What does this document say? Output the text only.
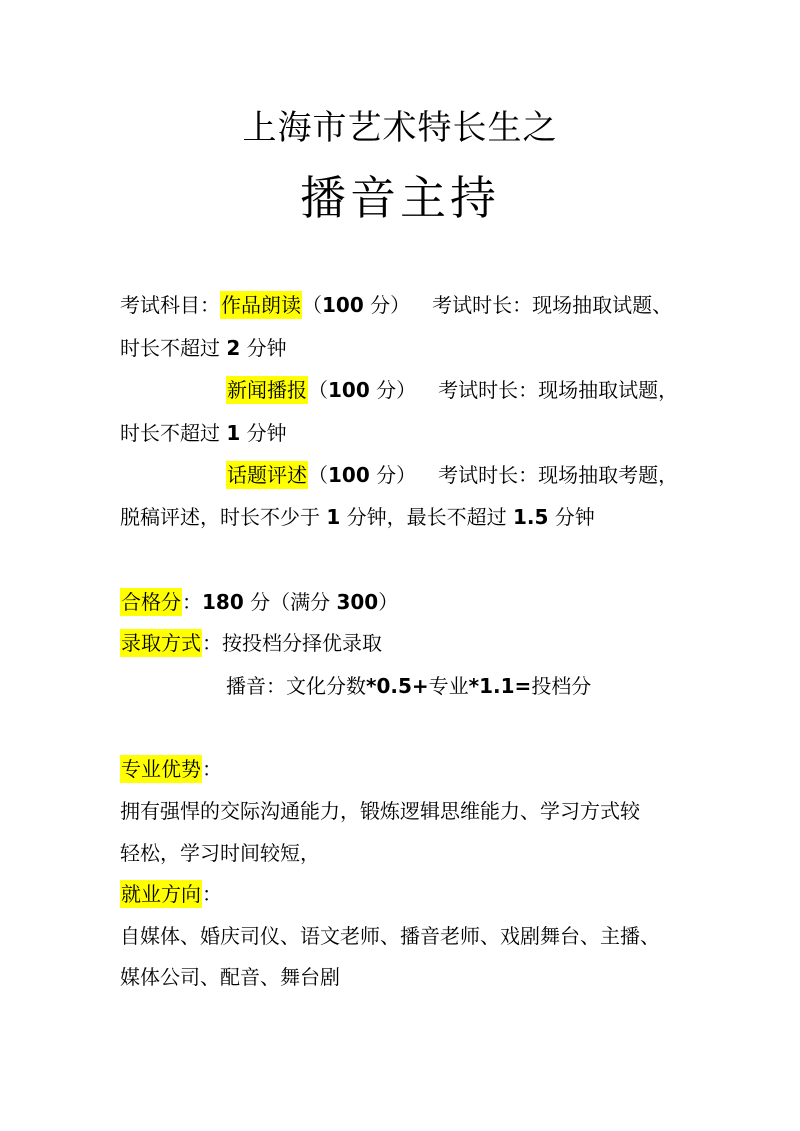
上海市艺术特长生之
播音主持
考试科目：作品朗读（100 分） 考试时长：现场抽取试题、
时长不超过 2 分钟
新闻播报（100 分） 考试时长：现场抽取试题，
时长不超过 1 分钟
话题评述（100 分） 考试时长：现场抽取考题，
脱稿评述，时长不少于 1 分钟，最长不超过 1.5 分钟
合格分：180 分（满分 300）
录取方式：按投档分择优录取
播音：文化分数*0.5+专业*1.1=投档分
专业优势：
拥有强悍的交际沟通能力，锻炼逻辑思维能力、学习方式较
轻松，学习时间较短，
就业方向：
自媒体、婚庆司仪、语文老师、播音老师、戏剧舞台、主播、
媒体公司、配音、舞台剧
